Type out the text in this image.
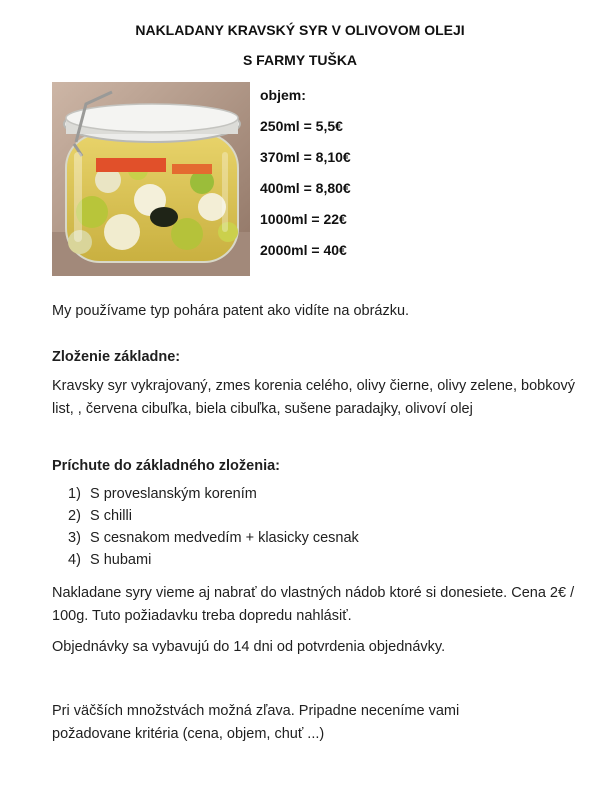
NAKLADANY KRAVSKÝ SYR V OLIVOVOM OLEJI
S FARMY TUŠKA
objem:
250ml = 5,5€
370ml = 8,10€
400ml = 8,80€
1000ml = 22€
2000ml = 40€
My používame typ pohára patent ako vidíte na obrázku.
Zloženie základne:
Kravsky syr vykrajovaný, zmes korenia celého, olivy čierne, olivy zelene, bobkový list, , červena cibuľka, biela cibuľka, sušene paradajky, olivoví olej
Príchute do základného zloženia:
1) S proveslanským korením
2) S chilli
3) S cesnakom medvedím + klasicky cesnak
4) S hubami
Nakladane syry vieme aj nabrať do vlastných nádob ktoré si donesiete. Cena 2€ / 100g. Tuto požiadavku treba dopredu nahlásiť.
Objednávky sa vybavujú do 14 dni od potvrdenia objednávky.
Pri väčších množstvách možná zľava. Pripadne neceníme vami požadovane kritéria (cena, objem, chuť ...)
